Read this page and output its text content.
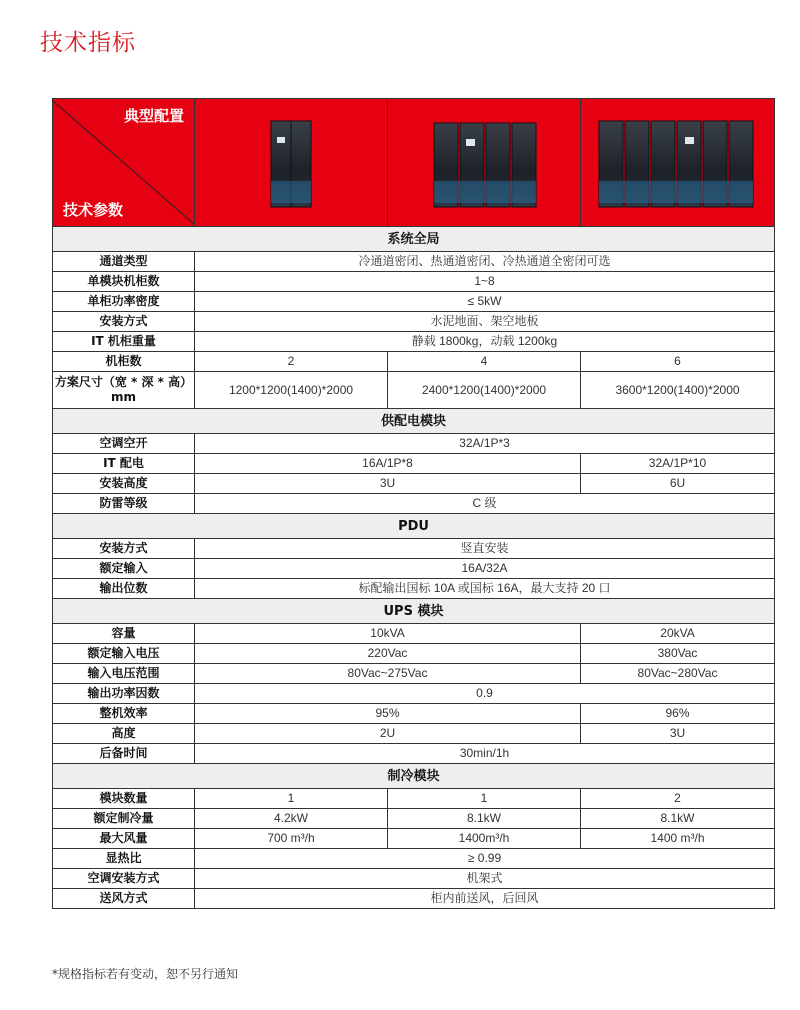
技术指标
典型配置
技术参数

系统全局			
通道类型	冷通道密闭、热通道密闭、冷热通道全密闭可选		
单模块机柜数	1~8		
单柜功率密度	≤ 5kW		
安装方式	水泥地面、架空地板		
IT 机柜重量	静载 1800kg，动载 1200kg		
机柜数	2	4	6
方案尺寸（宽 * 深 * 高）mm	1200*1200(1400)*2000	2400*1200(1400)*2000	3600*1200(1400)*2000
供配电模块			
空调空开	32A/1P*3		
IT 配电	16A/1P*8		32A/1P*10
安装高度	3U		6U
防雷等级	C 级		
PDU			
安装方式	竖直安装		
额定输入	16A/32A		
输出位数	标配输出国标 10A 或国标 16A，最大支持 20 口		
UPS 模块			
容量	10kVA		20kVA
额定输入电压	220Vac		380Vac
输入电压范围	80Vac~275Vac		80Vac~280Vac
输出功率因数	0.9		
整机效率	95%		96%
高度	2U		3U
后备时间	30min/1h		
制冷模块			
模块数量	1	1	2
额定制冷量	4.2kW	8.1kW	8.1kW
最大风量	700 m³/h	1400m³/h	1400 m³/h
显热比	≥ 0.99		
空调安装方式	机架式		
送风方式	柜内前送风，后回风		
*规格指标若有变动，恕不另行通知
